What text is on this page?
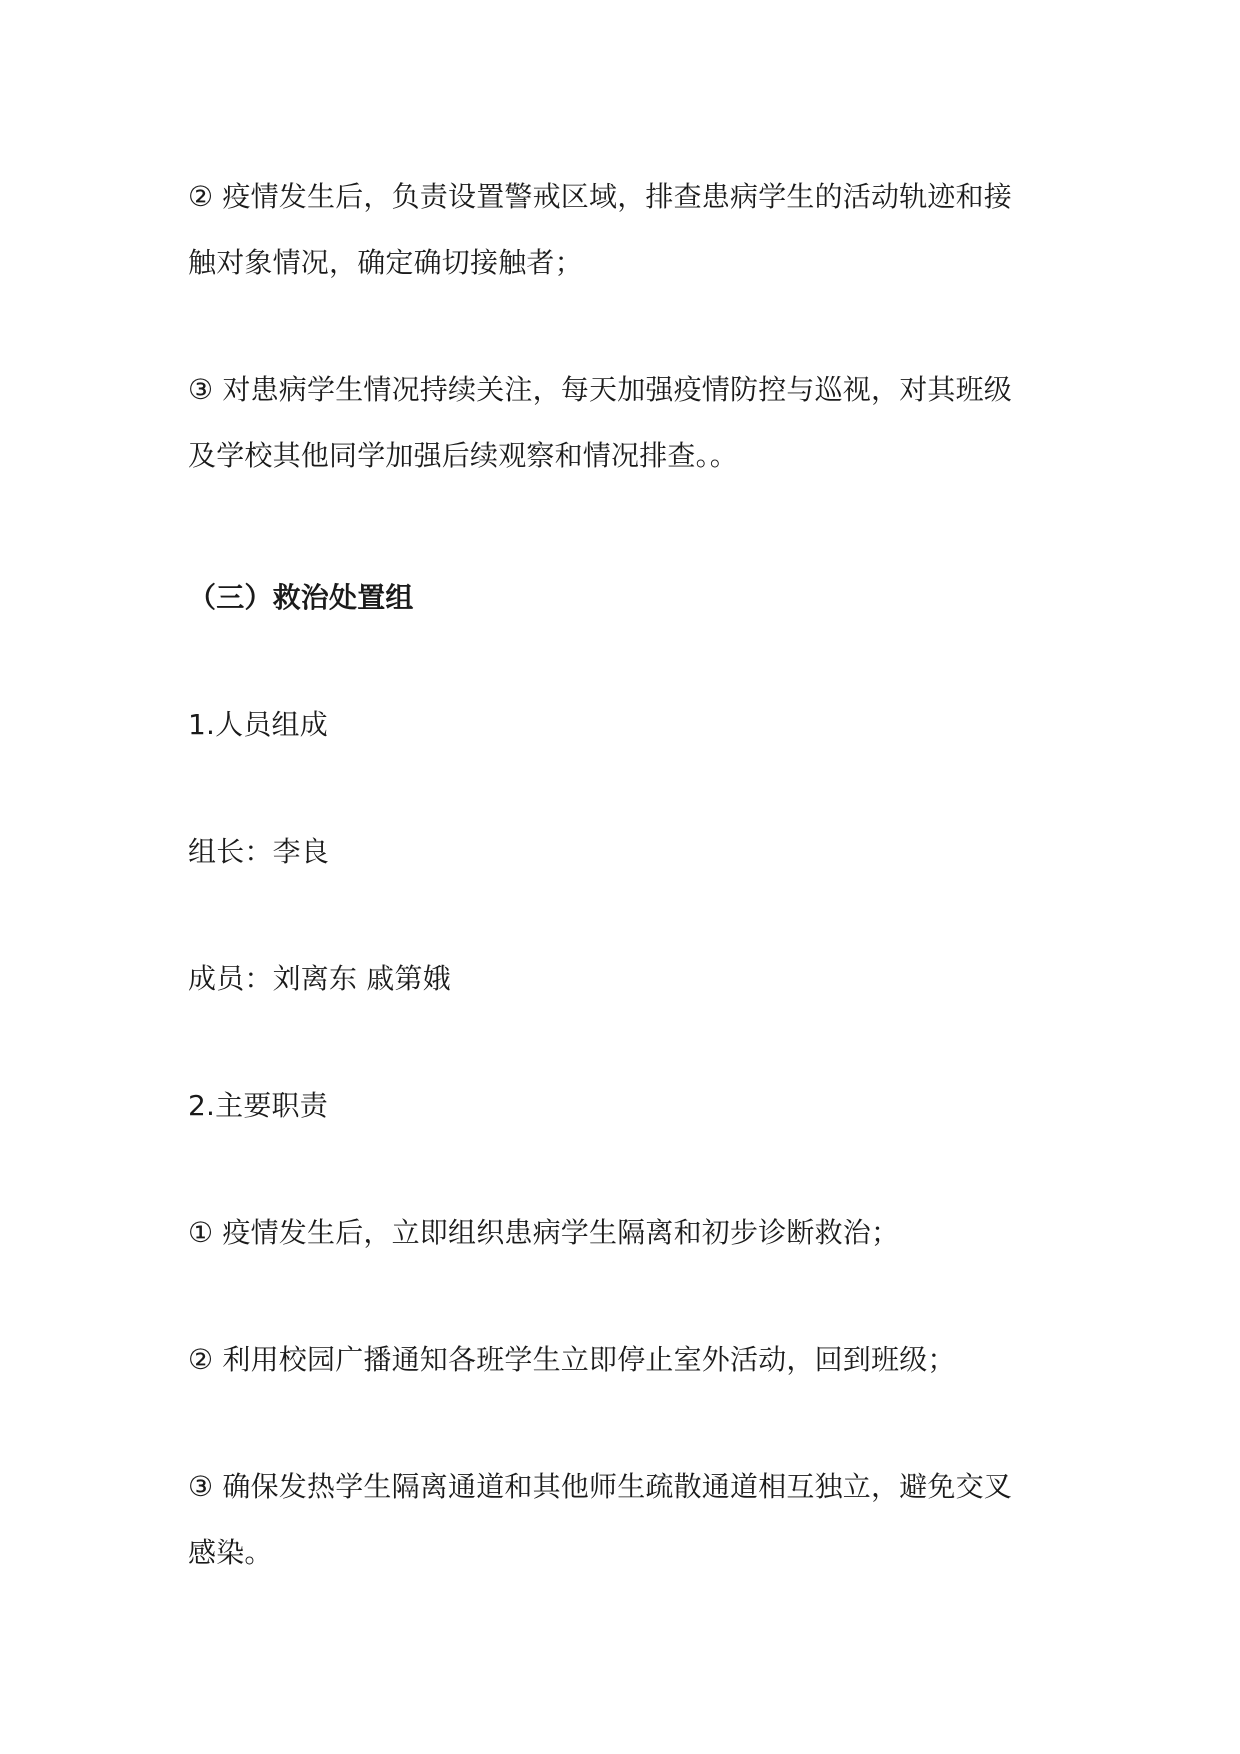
② 疫情发生后，负责设置警戒区域，排查患病学生的活动轨迹和接
触对象情况，确定确切接触者；
③ 对患病学生情况持续关注，每天加强疫情防控与巡视，对其班级
及学校其他同学加强后续观察和情况排查。。
（三）救治处置组
1.人员组成
组长：李良
成员：刘离东 戚第娥
2.主要职责
① 疫情发生后，立即组织患病学生隔离和初步诊断救治；
② 利用校园广播通知各班学生立即停止室外活动，回到班级；
③ 确保发热学生隔离通道和其他师生疏散通道相互独立，避免交叉
感染。
